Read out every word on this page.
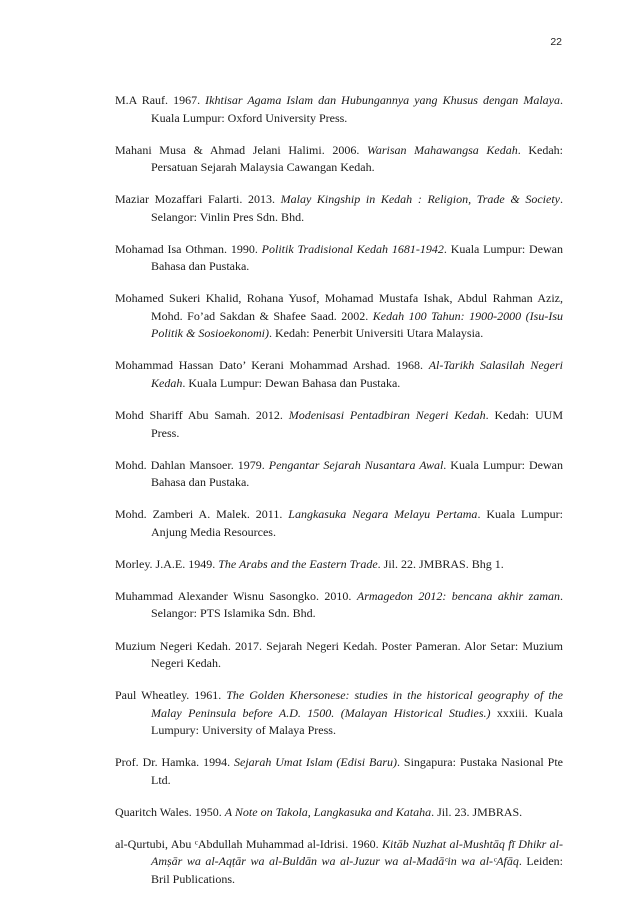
22
M.A Rauf. 1967. Ikhtisar Agama Islam dan Hubungannya yang Khusus dengan Malaya. Kuala Lumpur: Oxford University Press.
Mahani Musa & Ahmad Jelani Halimi. 2006. Warisan Mahawangsa Kedah. Kedah: Persatuan Sejarah Malaysia Cawangan Kedah.
Maziar Mozaffari Falarti. 2013. Malay Kingship in Kedah : Religion, Trade & Society. Selangor: Vinlin Pres Sdn. Bhd.
Mohamad Isa Othman. 1990. Politik Tradisional Kedah 1681-1942. Kuala Lumpur: Dewan Bahasa dan Pustaka.
Mohamed Sukeri Khalid, Rohana Yusof, Mohamad Mustafa Ishak, Abdul Rahman Aziz, Mohd. Fo’ad Sakdan & Shafee Saad. 2002. Kedah 100 Tahun: 1900-2000 (Isu-Isu Politik & Sosioekonomi). Kedah: Penerbit Universiti Utara Malaysia.
Mohammad Hassan Dato’ Kerani Mohammad Arshad. 1968. Al-Tarikh Salasilah Negeri Kedah. Kuala Lumpur: Dewan Bahasa dan Pustaka.
Mohd Shariff Abu Samah. 2012. Modenisasi Pentadbiran Negeri Kedah. Kedah: UUM Press.
Mohd. Dahlan Mansoer. 1979. Pengantar Sejarah Nusantara Awal. Kuala Lumpur: Dewan Bahasa dan Pustaka.
Mohd. Zamberi A. Malek. 2011. Langkasuka Negara Melayu Pertama. Kuala Lumpur: Anjung Media Resources.
Morley. J.A.E. 1949. The Arabs and the Eastern Trade. Jil. 22. JMBRAS. Bhg 1.
Muhammad Alexander Wisnu Sasongko. 2010. Armagedon 2012: bencana akhir zaman. Selangor: PTS Islamika Sdn. Bhd.
Muzium Negeri Kedah. 2017. Sejarah Negeri Kedah. Poster Pameran. Alor Setar: Muzium Negeri Kedah.
Paul Wheatley. 1961. The Golden Khersonese: studies in the historical geography of the Malay Peninsula before A.D. 1500. (Malayan Historical Studies.) xxxiii. Kuala Lumpury: University of Malaya Press.
Prof. Dr. Hamka. 1994. Sejarah Umat Islam (Edisi Baru). Singapura: Pustaka Nasional Pte Ltd.
Quaritch Wales. 1950. A Note on Takola, Langkasuka and Kataha. Jil. 23. JMBRAS.
al-Qurtubi, Abu ᶜAbdullah Muhammad al-Idrisi. 1960. Kitāb Nuzhat al-Mushtāq fī Dhikr al-Amṣār wa al-Aqṭār wa al-Buldān wa al-Juzur wa al-Madāᶜin wa al-ᶜAfāq. Leiden: Bril Publications.
